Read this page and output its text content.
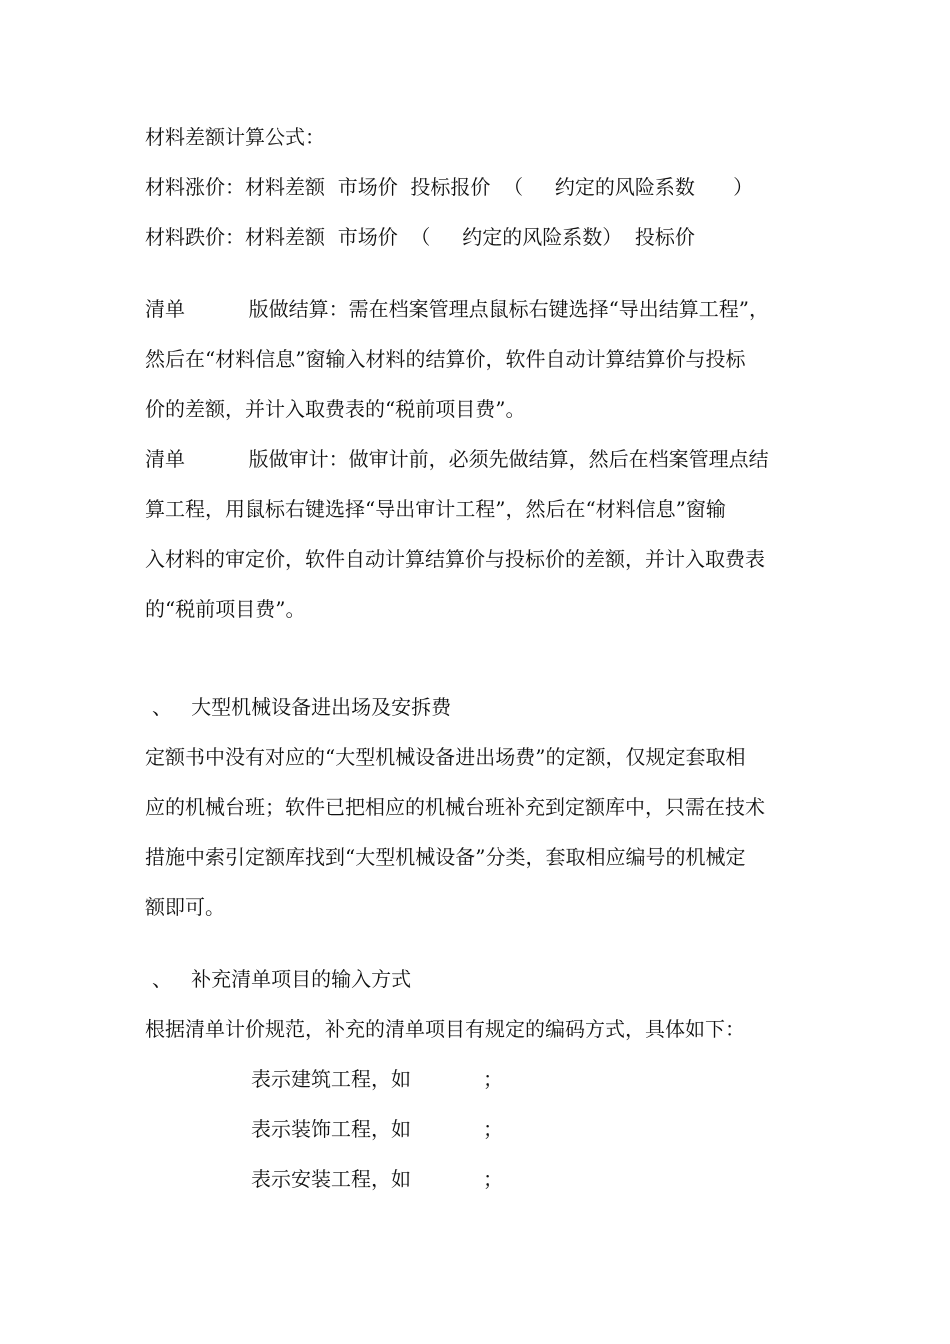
材料差额计算公式：
材料涨价：材料差额  市场价  投标报价  （     约定的风险系数      ）
材料跌价：材料差额  市场价  （     约定的风险系数）  投标价
清单          版做结算：需在档案管理点鼠标右键选择“导出结算工程”，
然后在“材料信息”窗输入材料的结算价，软件自动计算结算价与投标
价的差额，并计入取费表的“税前项目费”。
清单          版做审计：做审计前，必须先做结算，然后在档案管理点结
算工程，用鼠标右键选择“导出审计工程”，然后在“材料信息”窗输
入材料的审定价，软件自动计算结算价与投标价的差额，并计入取费表
的“税前项目费”。
、   大型机械设备进出场及安拆费
定额书中没有对应的“大型机械设备进出场费”的定额，仅规定套取相
应的机械台班；软件已把相应的机械台班补充到定额库中，只需在技术
措施中索引定额库找到“大型机械设备”分类，套取相应编号的机械定
额即可。
、   补充清单项目的输入方式
根据清单计价规范，补充的清单项目有规定的编码方式，具体如下：
表示建筑工程，如	；
表示装饰工程，如	；
表示安装工程，如	；
